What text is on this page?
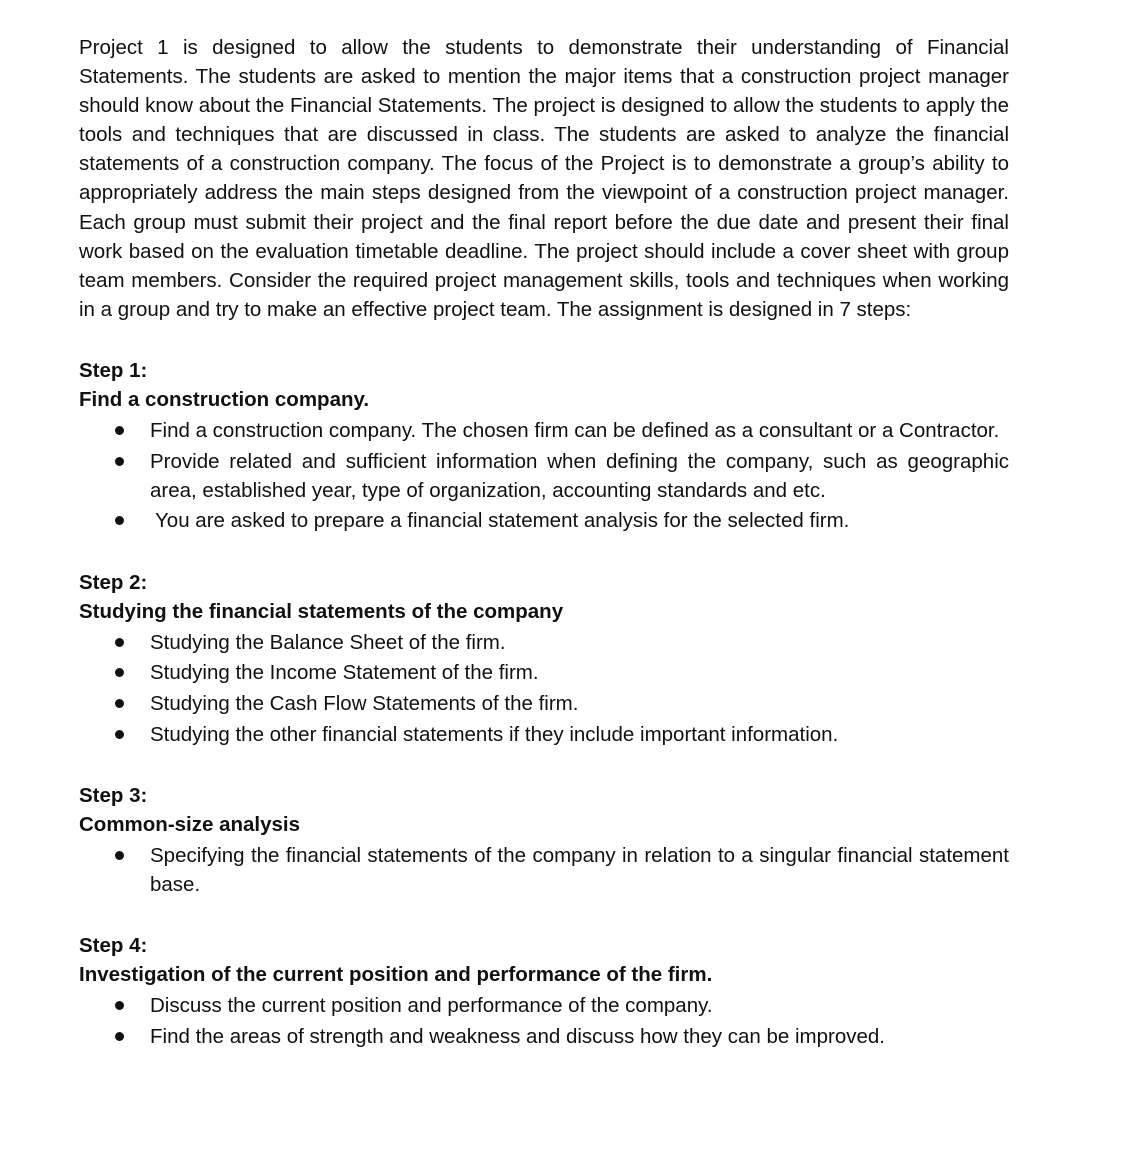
Project 1 is designed to allow the students to demonstrate their understanding of Financial Statements. The students are asked to mention the major items that a construction project manager should know about the Financial Statements. The project is designed to allow the students to apply the tools and techniques that are discussed in class. The students are asked to analyze the financial statements of a construction company. The focus of the Project is to demonstrate a group’s ability to appropriately address the main steps designed from the viewpoint of a construction project manager. Each group must submit their project and the final report before the due date and present their final work based on the evaluation timetable deadline. The project should include a cover sheet with group team members. Consider the required project management skills, tools and techniques when working in a group and try to make an effective project team. The assignment is designed in 7 steps:

Step 1:

Find a construction company.

Find a construction company. The chosen firm can be defined as a consultant or a Contractor.
Provide related and sufficient information when defining the company, such as geographic area, established year, type of organization, accounting standards and etc.
You are asked to prepare a financial statement analysis for the selected firm.

Step 2:

Studying the financial statements of the company

Studying the Balance Sheet of the firm.
Studying the Income Statement of the firm.
Studying the Cash Flow Statements of the firm.
Studying the other financial statements if they include important information.

Step 3:

Common-size analysis

Specifying the financial statements of the company in relation to a singular financial statement base.

Step 4:

Investigation of the current position and performance of the firm.

Discuss the current position and performance of the company.
Find the areas of strength and weakness and discuss how they can be improved.
